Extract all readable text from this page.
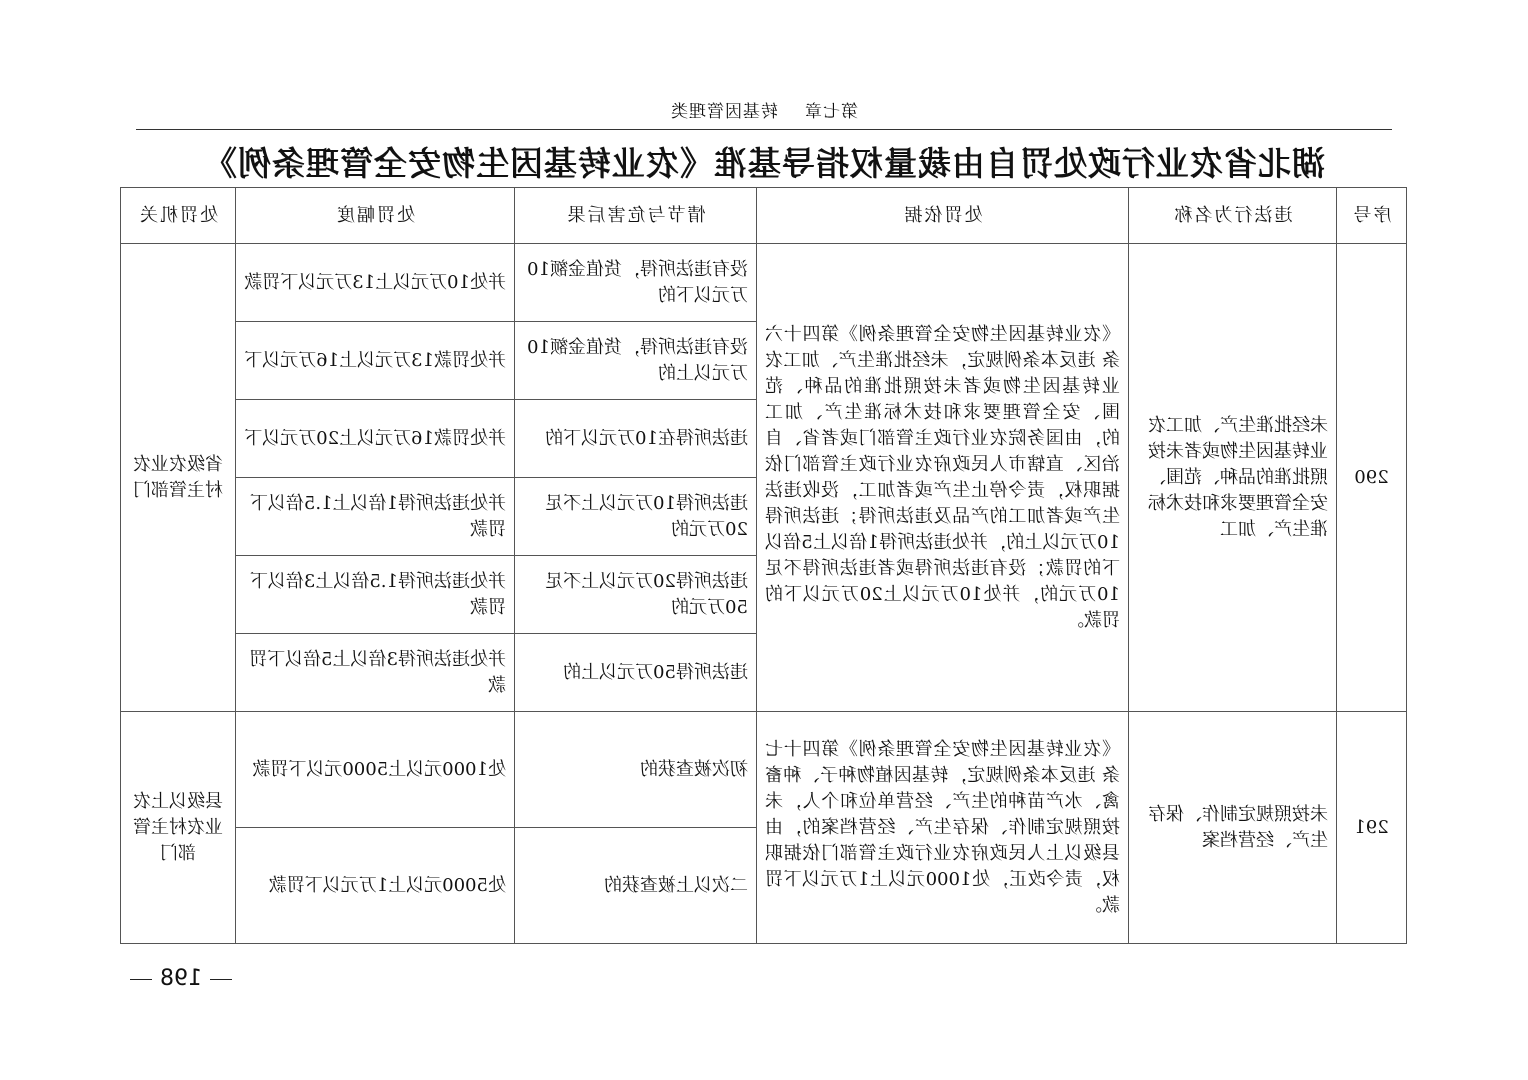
第七章转基因管理类
湖北省农业行政处罚自由裁量权指导基准《农业转基因生物安全管理条例》
序号	违法行为名称	处罚依据	情节与危害后果	处罚幅度	处罚机关
290	未经批准生产、加工农业转基因生物或者未按照批准的品种、范围、安全管理要求和技术标准生产、加工	《农业转基因生物安全管理条例》第四十六条 违反本条例规定，未经批准生产、加工农业转基因生物或者未按照批准的品种、范围、安全管理要求和技术标准生产、加工的，由国务院农业行政主管部门或者省、自治区、直辖市人民政府农业行政主管部门依据职权，责令停止生产或者加工，没收违法生产或者加工的产品及违法所得；违法所得10万元以上的，并处违法所得1倍以上5倍以下的罚款；没有违法所得或者违法所得不足10万元的，并处10万元以上20万元以下的罚款。	没有违法所得，货值金额10万元以下的	并处10万元以上13万元以下罚款	省级农业农村主管部门
			没有违法所得，货值金额10万元以上的	并处罚款13万元以上16万元以下	
			违法所得在10万元以下的	并处罚款16万元以上20万元以下	
			违法所得10万元以上不足20万元的	并处违法所得1倍以上1.5倍以下罚款	
			违法所得20万元以上不足50万元的	并处违法所得1.5倍以上3倍以下罚款	
			违法所得50万元以上的	并处违法所得3倍以上5倍以下罚款	
291	未按照规定制作、保存生产、经营档案	《农业转基因生物安全管理条例》第四十七条 违反本条例规定，转基因植物种子、种畜禽、水产苗种的生产、经营单位和个人，未按照规定制作、保存生产、经营档案的，由县级以上人民政府农业行政主管部门依据职权，责令改正，处1000元以上1万元以下罚款。	初次被查获的	处1000元以上5000元以下罚款	县级以上农业农村主管部门
			二次以上被查获的	处5000元以上1万元以下罚款	
198
